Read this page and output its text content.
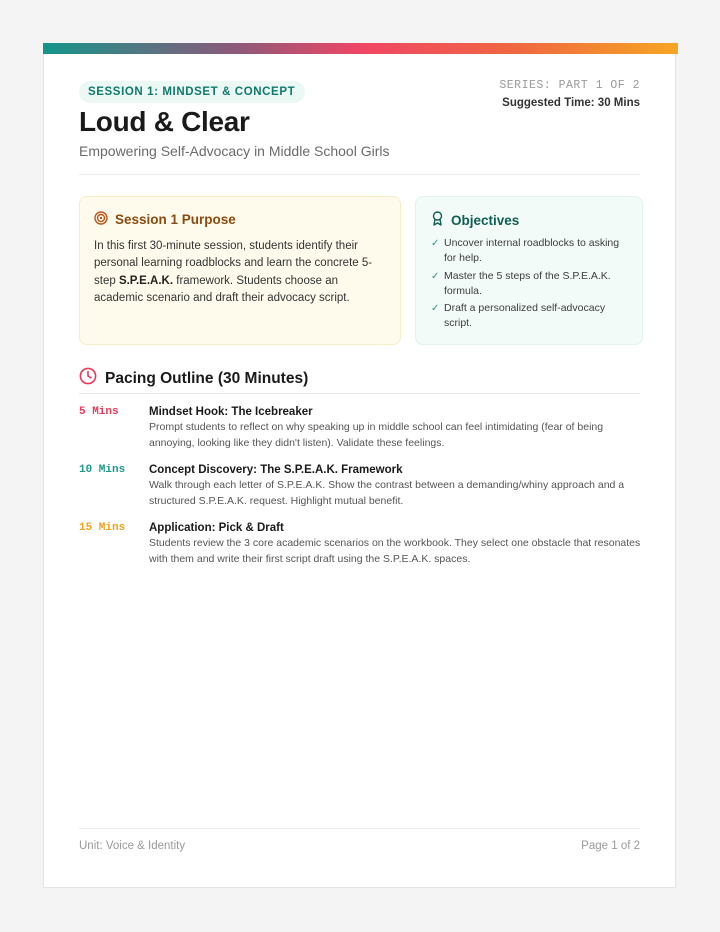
SESSION 1: MINDSET & CONCEPT	SERIES: PART 1 OF 2
Suggested Time: 30 Mins
Loud & Clear
Empowering Self-Advocacy in Middle School Girls
Session 1 Purpose
In this first 30-minute session, students identify their personal learning roadblocks and learn the concrete 5-step S.P.E.A.K. framework. Students choose an academic scenario and draft their advocacy script.
Objectives
✓ Uncover internal roadblocks to asking for help.
✓ Master the 5 steps of the S.P.E.A.K. formula.
✓ Draft a personalized self-advocacy script.
Pacing Outline (30 Minutes)
5 Mins	Mindset Hook: The Icebreaker
Prompt students to reflect on why speaking up in middle school can feel intimidating (fear of being annoying, looking like they didn't listen). Validate these feelings.
10 Mins Concept Discovery: The S.P.E.A.K. Framework
Walk through each letter of S.P.E.A.K. Show the contrast between a demanding/whiny approach and a structured S.P.E.A.K. request. Highlight mutual benefit.
15 Mins Application: Pick & Draft
Students review the 3 core academic scenarios on the workbook. They select one obstacle that resonates with them and write their first script draft using the S.P.E.A.K. spaces.
Unit: Voice & Identity	Page 1 of 2
